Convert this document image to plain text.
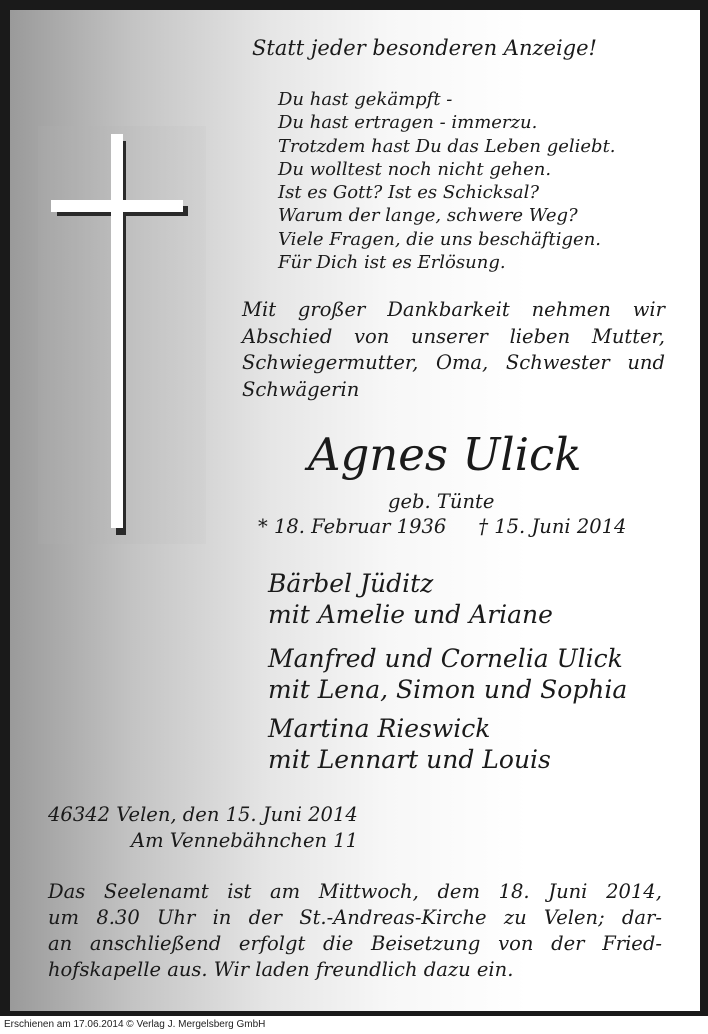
Statt jeder besonderen Anzeige!

Du hast gekämpft -
Du hast ertragen - immerzu.
Trotzdem hast Du das Leben geliebt.
Du wolltest noch nicht gehen.
Ist es Gott? Ist es Schicksal?
Warum der lange, schwere Weg?
Viele Fragen, die uns beschäftigen.
Für Dich ist es Erlösung.
Mit großer Dankbarkeit nehmen wir
Abschied von unserer lieben Mutter,
Schwiegermutter, Oma, Schwester und
Schwägerin

Agnes Ulick

geb. Tünte

* 18. Februar 1936 † 15. Juni 2014

Bärbel Jüditz
mit Amelie und Ariane
Manfred und Cornelia Ulick
mit Lena, Simon und Sophia
Martina Rieswick
mit Lennart und Louis
46342 Velen, den 15. Juni 2014
Am Vennebähnchen 11
Das Seelenamt ist am Mittwoch, dem 18. Juni 2014,
um 8.30 Uhr in der St.-Andreas-Kirche zu Velen; dar-
an anschließend erfolgt die Beisetzung von der Fried-
hofskapelle aus. Wir laden freundlich dazu ein.
Erschienen am 17.06.2014 © Verlag J. Mergelsberg GmbH
